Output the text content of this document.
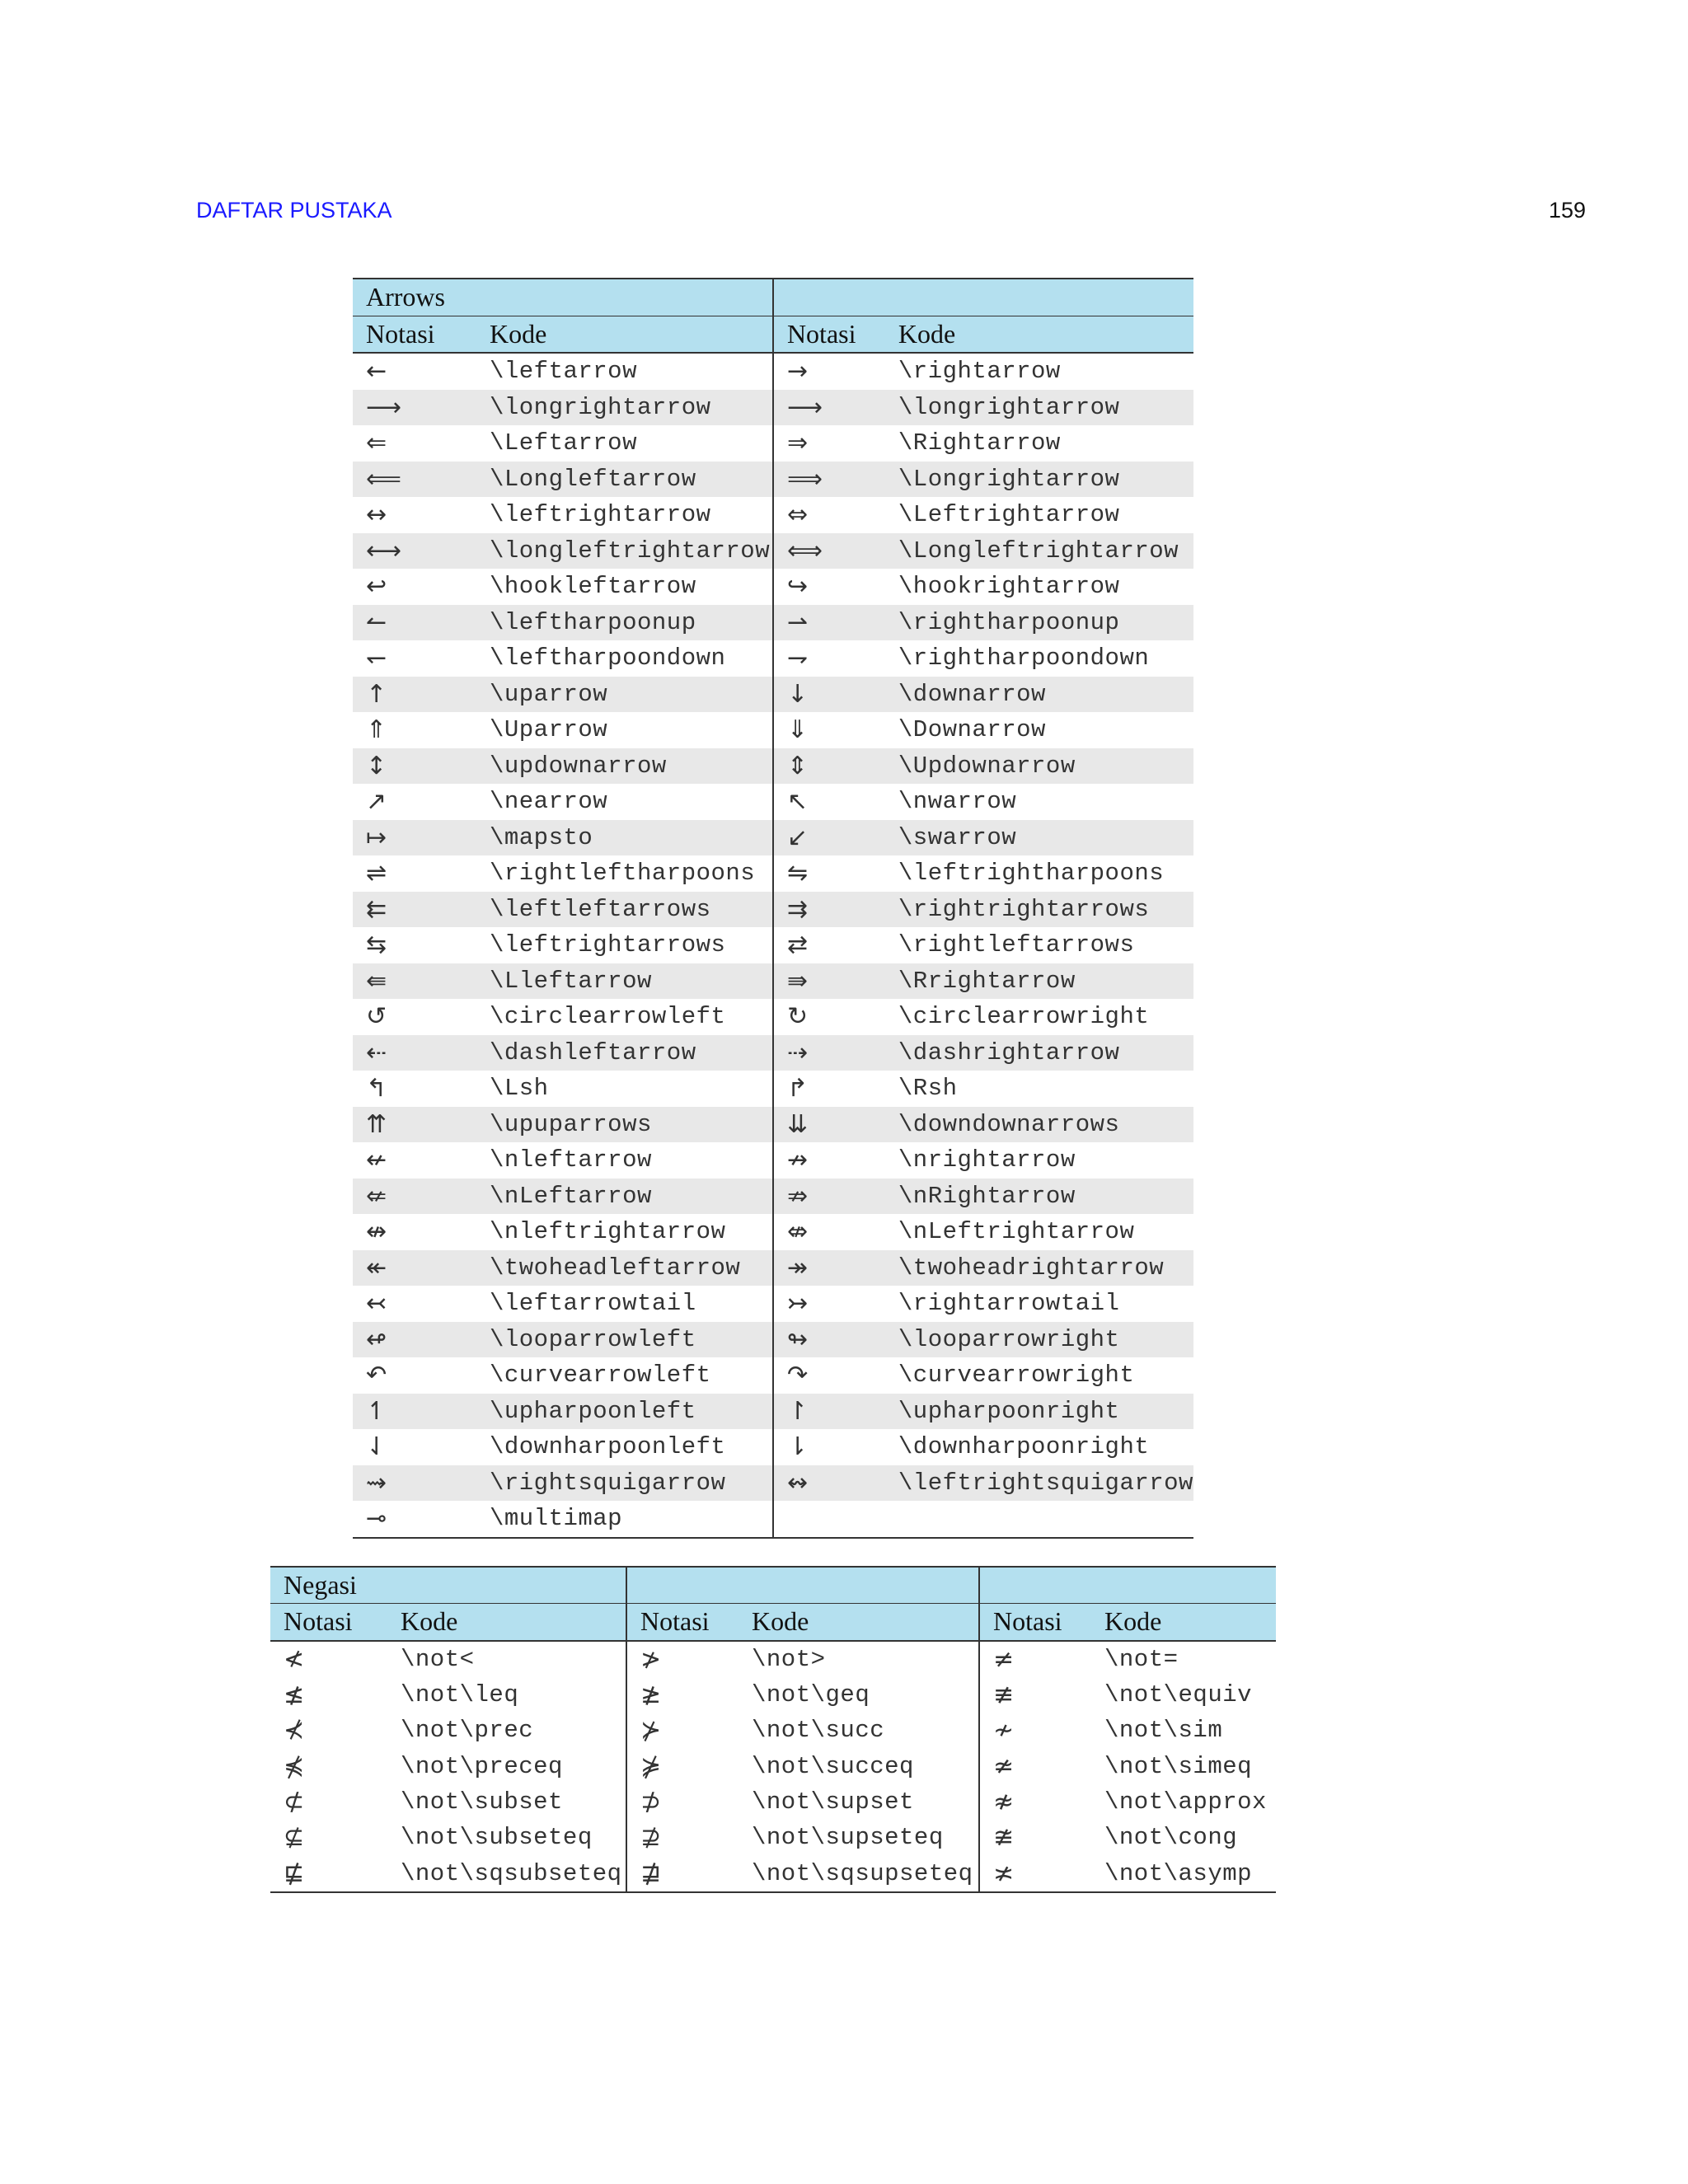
DAFTAR PUSTAKA	159
Arrows			
Notasi	Kode	Notasi	Kode
←	\leftarrow	→	\rightarrow
⟶	\longrightarrow	⟶	\longrightarrow
⇐	\Leftarrow	⇒	\Rightarrow
⟸	\Longleftarrow	⟹	\Longrightarrow
↔	\leftrightarrow	⇔	\Leftrightarrow
⟷	\longleftrightarrow	⟺	\Longleftrightarrow
↩	\hookleftarrow	↪	\hookrightarrow
↼	\leftharpoonup	⇀	\rightharpoonup
↽	\leftharpoondown	⇁	\rightharpoondown
↑	\uparrow	↓	\downarrow
⇑	\Uparrow	⇓	\Downarrow
↕	\updownarrow	⇕	\Updownarrow
↗	\nearrow	↖	\nwarrow
↦	\mapsto	↙	\swarrow
⇌	\rightleftharpoons	⇋	\leftrightharpoons
⇇	\leftleftarrows	⇉	\rightrightarrows
⇆	\leftrightarrows	⇄	\rightleftarrows
⇚	\Lleftarrow	⇛	\Rrightarrow
↺	\circlearrowleft	↻	\circlearrowright
⇠	\dashleftarrow	⇢	\dashrightarrow
↰	\Lsh	↱	\Rsh
⇈	\upuparrows	⇊	\downdownarrows
↚	\nleftarrow	↛	\nrightarrow
⇍	\nLeftarrow	⇏	\nRightarrow
↮	\nleftrightarrow	⇎	\nLeftrightarrow
↞	\twoheadleftarrow	↠	\twoheadrightarrow
↢	\leftarrowtail	↣	\rightarrowtail
↫	\looparrowleft	↬	\looparrowright
↶	\curvearrowleft	↷	\curvearrowright
↿	\upharpoonleft	↾	\upharpoonright
⇃	\downharpoonleft	⇂	\downharpoonright
⇝	\rightsquigarrow	↭	\leftrightsquigarrow
⊸	\multimap		
Negasi					
Notasi	Kode	Notasi	Kode	Notasi	Kode
≮	\not<	≯	\not>	≠	\not=
≰	\not\leq	≱	\not\geq	≢	\not\equiv
⊀	\not\prec	⊁	\not\succ	≁	\not\sim
⋠	\not\preceq	⋡	\not\succeq	≄	\not\simeq
⊄	\not\subset	⊅	\not\supset	≉	\not\approx
⊈	\not\subseteq	⊉	\not\supseteq	≇	\not\cong
⋢	\not\sqsubseteq	⋣	\not\sqsupseteq	≭	\not\asymp
